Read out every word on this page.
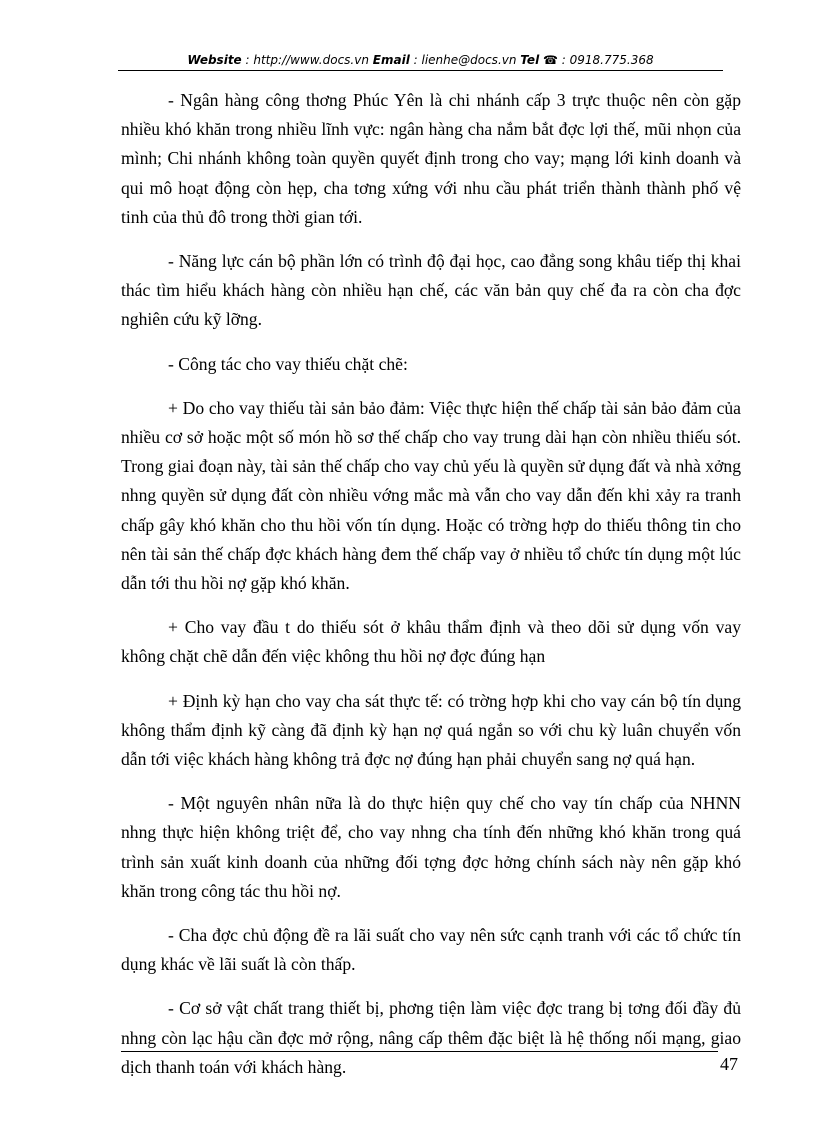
Website : http://www.docs.vn Email : lienhe@docs.vn Tel ☎ : 0918.775.368

- Ngân hàng công thơng Phúc Yên là chi nhánh cấp 3 trực thuộc nên còn gặp nhiều khó khăn trong nhiều lĩnh vực: ngân hàng cha nắm bắt đợc lợi thế, mũi nhọn của mình; Chi nhánh không toàn quyền quyết định trong cho vay; mạng lới kinh doanh và qui mô hoạt động còn hẹp, cha tơng xứng với nhu cầu phát triển thành thành phố vệ tinh của thủ đô trong thời gian tới.

- Năng lực cán bộ phần lớn có trình độ đại học, cao đẳng song khâu tiếp thị khai thác tìm hiểu khách hàng còn nhiều hạn chế, các văn bản quy chế đa ra còn cha đợc nghiên cứu kỹ lỡng.

- Công tác cho vay thiếu chặt chẽ:

+ Do cho vay thiếu tài sản bảo đảm: Việc thực hiện thế chấp tài sản bảo đảm của nhiều cơ sở hoặc một số món hồ sơ thế chấp cho vay trung dài hạn còn nhiều thiếu sót. Trong giai đoạn này, tài sản thế chấp cho vay chủ yếu là quyền sử dụng đất và nhà xởng nhng quyền sử dụng đất còn nhiều vớng mắc mà vẫn cho vay dẫn đến khi xảy ra tranh chấp gây khó khăn cho thu hồi vốn tín dụng. Hoặc có trờng hợp do thiếu thông tin cho nên tài sản thế chấp đợc khách hàng đem thế chấp vay ở nhiều tổ chức tín dụng một lúc dẫn tới thu hồi nợ gặp khó khăn.

+ Cho vay đầu t do thiếu sót ở khâu thẩm định và theo dõi sử dụng vốn vay không chặt chẽ dẫn đến việc không thu hồi nợ đợc đúng hạn

+ Định kỳ hạn cho vay cha sát thực tế: có trờng hợp khi cho vay cán bộ tín dụng không thẩm định kỹ càng đã định kỳ hạn nợ quá ngắn so với chu kỳ luân chuyển vốn dẫn tới việc khách hàng không trả đợc nợ đúng hạn phải chuyển sang nợ quá hạn.

- Một nguyên nhân nữa là do thực hiện quy chế cho vay tín chấp của NHNN nhng thực hiện không triệt để, cho vay nhng cha tính đến những khó khăn trong quá trình sản xuất kinh doanh của những đối tợng đợc hởng chính sách này nên gặp khó khăn trong công tác thu hồi nợ.

- Cha đợc chủ động đề ra lãi suất cho vay nên sức cạnh tranh với các tổ chức tín dụng khác về lãi suất là còn thấp.

- Cơ sở vật chất trang thiết bị, phơng tiện làm việc đợc trang bị tơng đối đầy đủ nhng còn lạc hậu cần đợc mở rộng, nâng cấp thêm đặc biệt là hệ thống nối mạng, giao dịch thanh toán với khách hàng.	47
